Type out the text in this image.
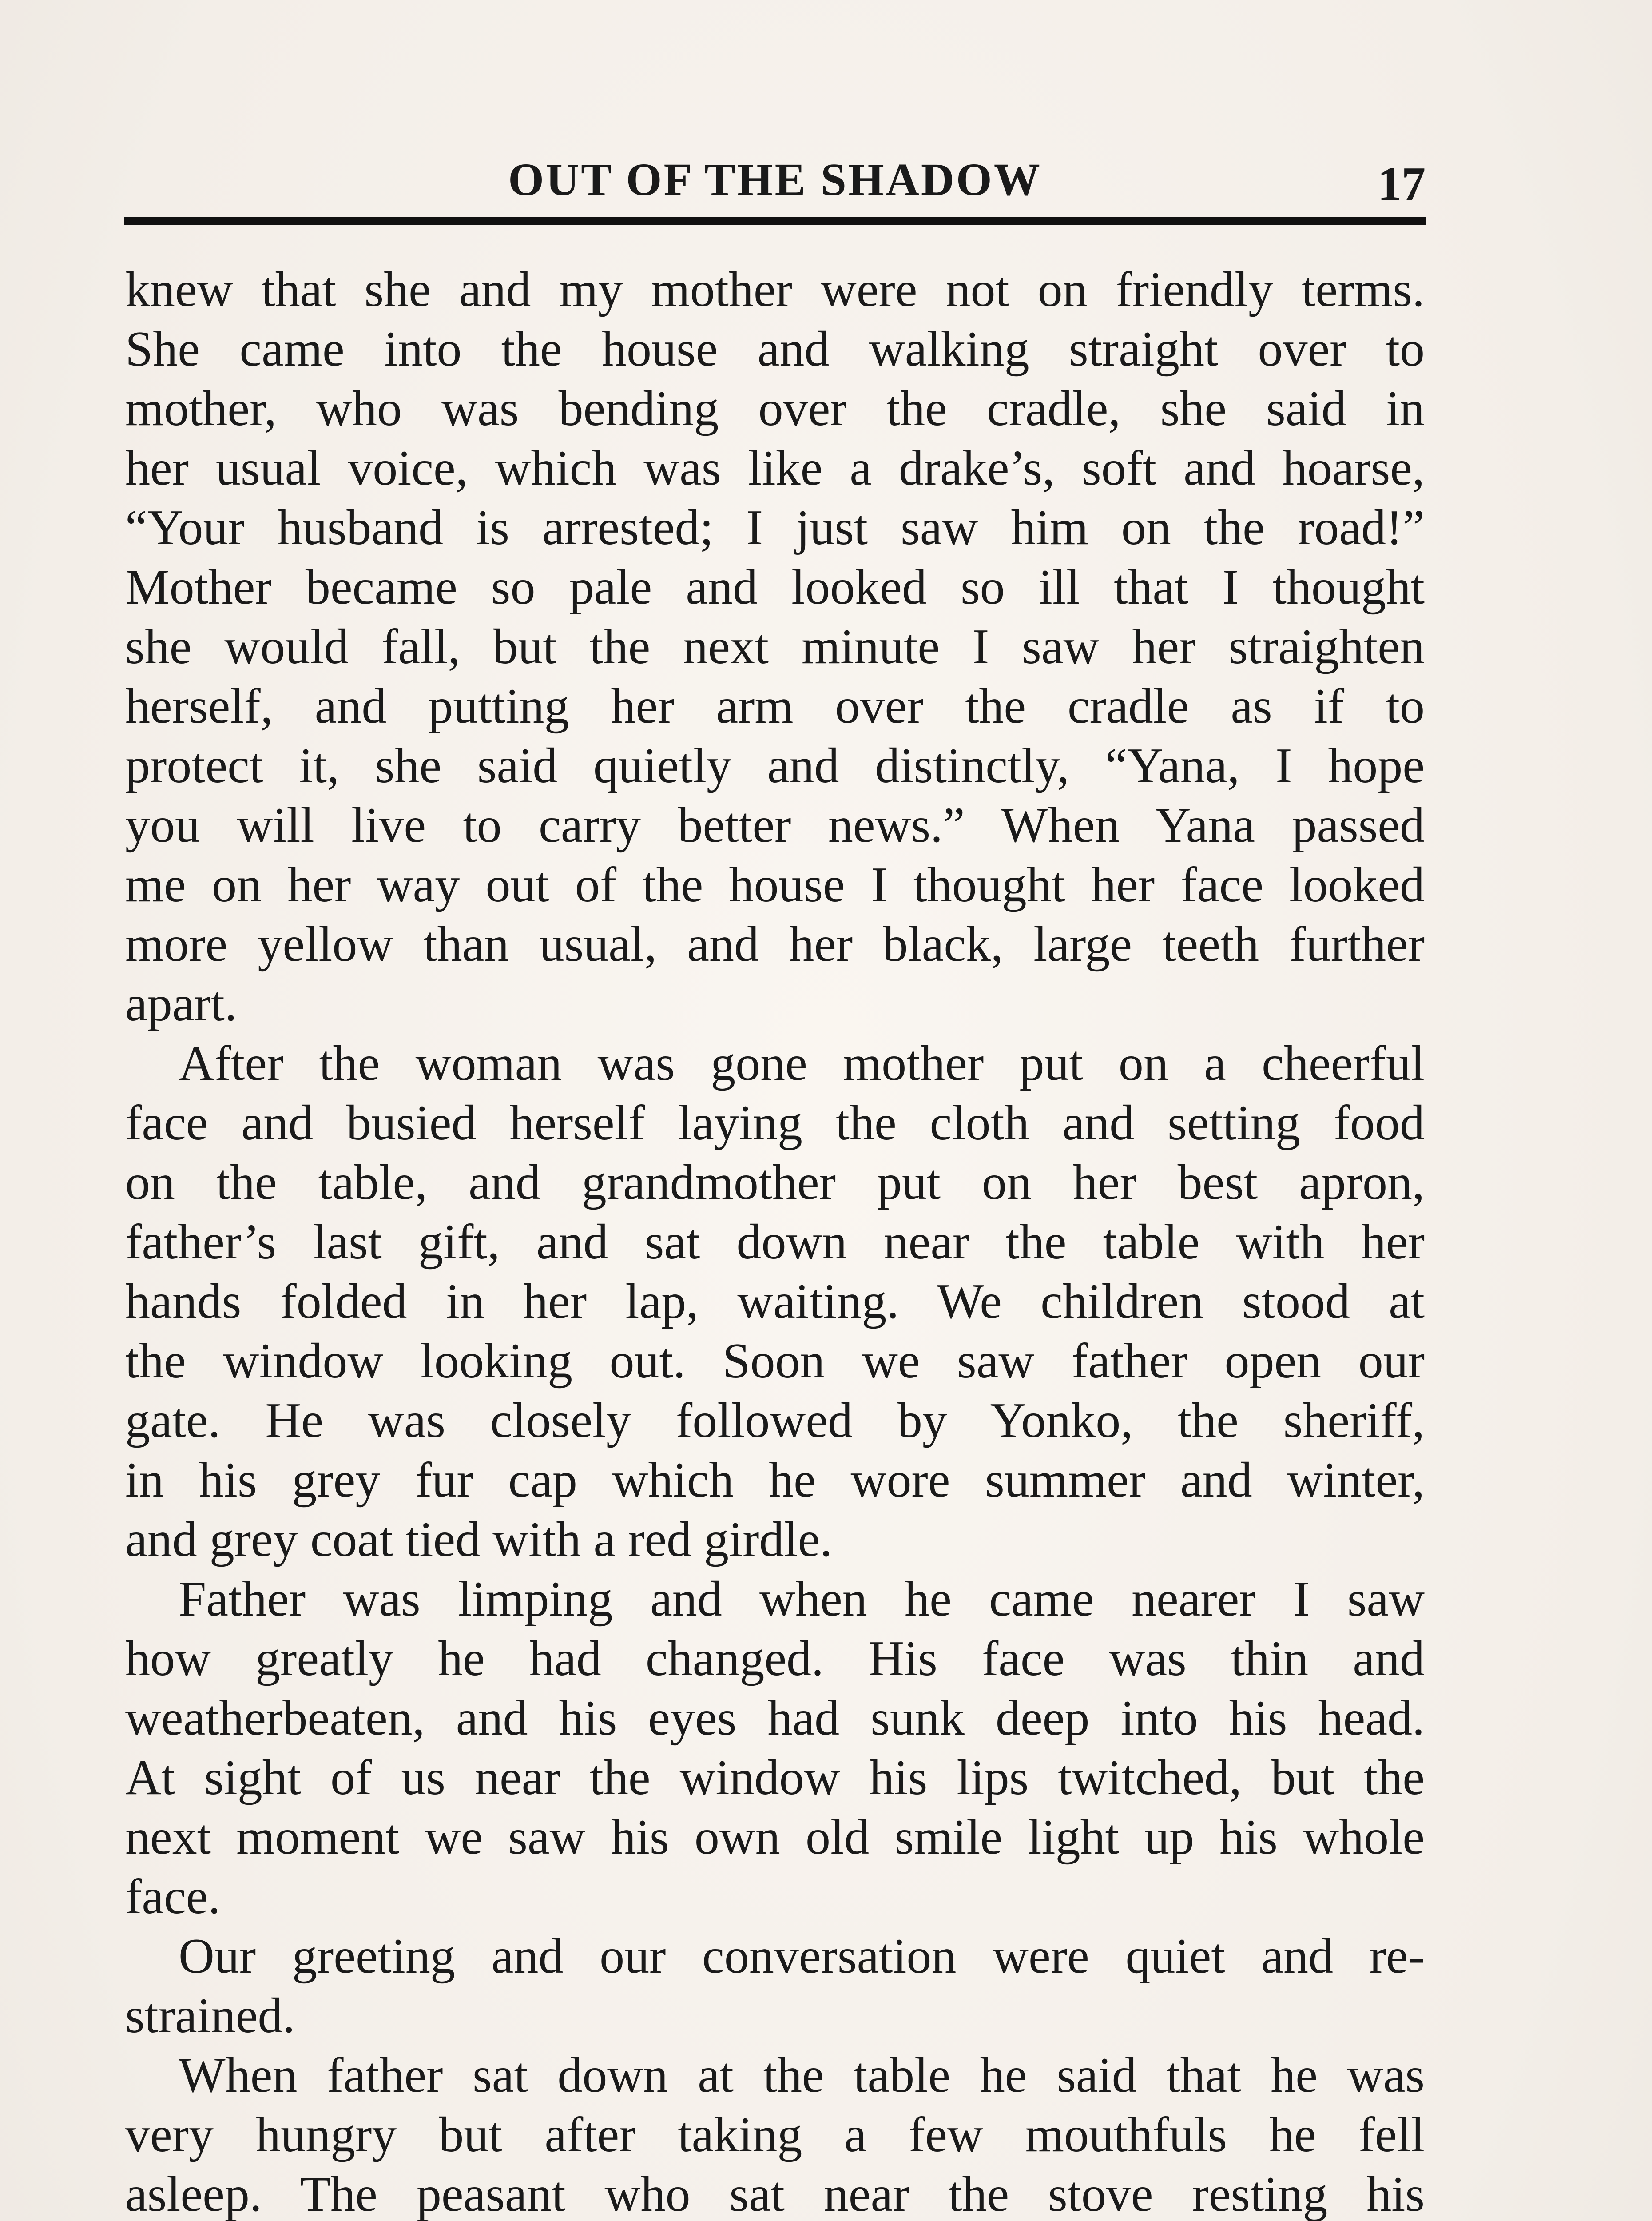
OUT OF THE SHADOW	17
knew that she and my mother were not on friendly terms.
She came into the house and walking straight over to
mother, who was bending over the cradle, she said in
her usual voice, which was like a drake’s, soft and hoarse,
“Your husband is arrested; I just saw him on the road!”
Mother became so pale and looked so ill that I thought
she would fall, but the next minute I saw her straighten
herself, and putting her arm over the cradle as if to
protect it, she said quietly and distinctly, “Yana, I hope
you will live to carry better news.” When Yana passed
me on her way out of the house I thought her face looked
more yellow than usual, and her black, large teeth further
apart.
After the woman was gone mother put on a cheerful
face and busied herself laying the cloth and setting food
on the table, and grandmother put on her best apron,
father’s last gift, and sat down near the table with her
hands folded in her lap, waiting. We children stood at
the window looking out. Soon we saw father open our
gate. He was closely followed by Yonko, the sheriff,
in his grey fur cap which he wore summer and winter,
and grey coat tied with a red girdle.
Father was limping and when he came nearer I saw
how greatly he had changed. His face was thin and
weatherbeaten, and his eyes had sunk deep into his head.
At sight of us near the window his lips twitched, but the
next moment we saw his own old smile light up his whole
face.
Our greeting and our conversation were quiet and re-
strained.
When father sat down at the table he said that he was
very hungry but after taking a few mouthfuls he fell
asleep. The peasant who sat near the stove resting his
